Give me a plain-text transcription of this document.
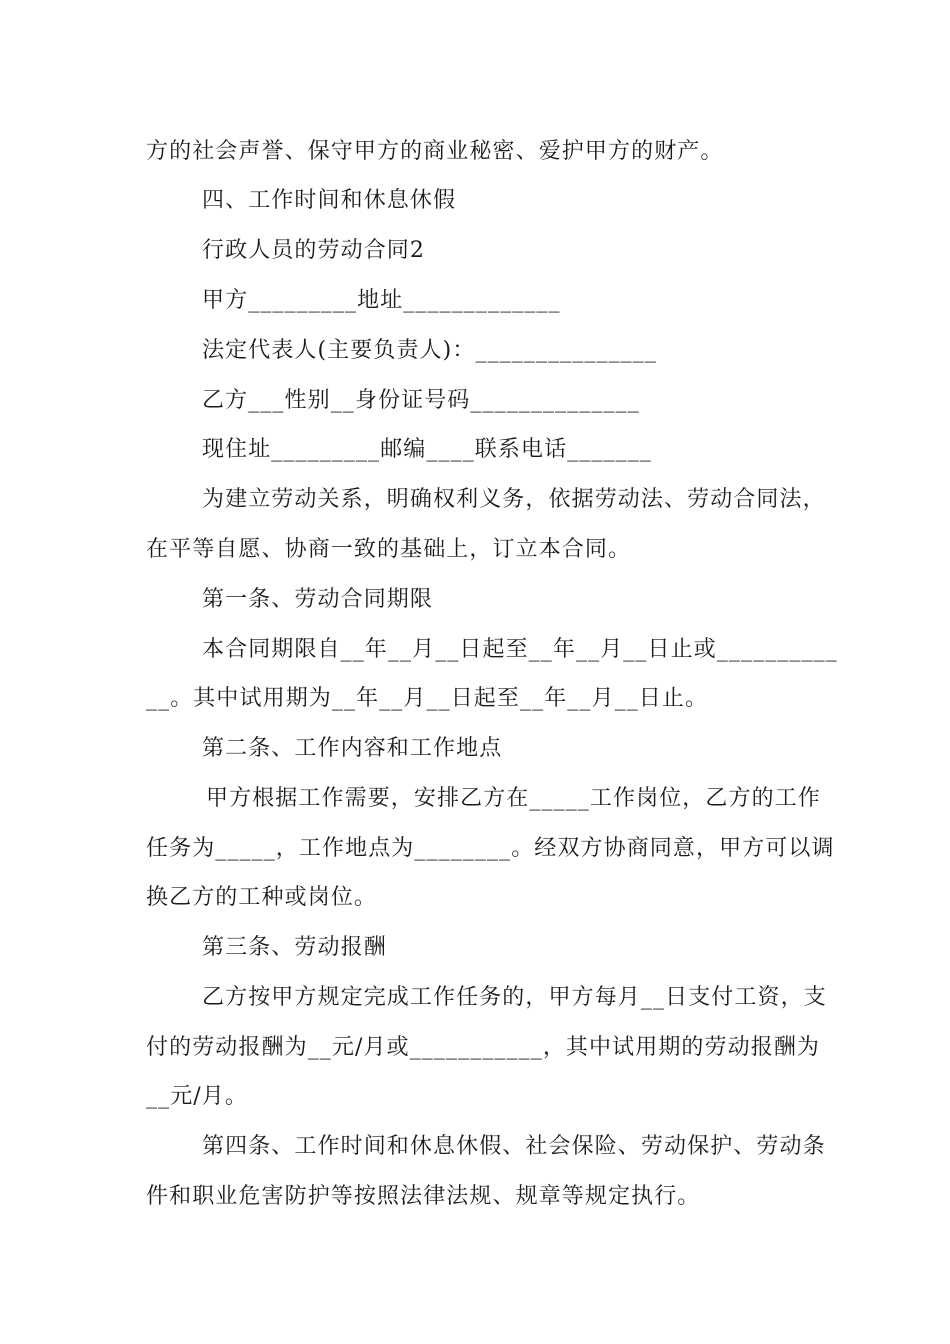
方的社会声誉、保守甲方的商业秘密、爱护甲方的财产。
四、工作时间和休息休假
行政人员的劳动合同2
甲方_________地址_____________
法定代表人(主要负责人)：_______________
乙方___性别__身份证号码______________
现住址_________邮编____联系电话_______
为建立劳动关系，明确权利义务，依据劳动法、劳动合同法，
在平等自愿、协商一致的基础上，订立本合同。
第一条、劳动合同期限
本合同期限自__年__月__日起至__年__月__日止或__________
__。其中试用期为__年__月__日起至__年__月__日止。
第二条、工作内容和工作地点
甲方根据工作需要，安排乙方在_____工作岗位，乙方的工作
任务为_____，工作地点为________。经双方协商同意，甲方可以调
换乙方的工种或岗位。
第三条、劳动报酬
乙方按甲方规定完成工作任务的，甲方每月__日支付工资，支
付的劳动报酬为__元/月或___________，其中试用期的劳动报酬为
__元/月。
第四条、工作时间和休息休假、社会保险、劳动保护、劳动条
件和职业危害防护等按照法律法规、规章等规定执行。
